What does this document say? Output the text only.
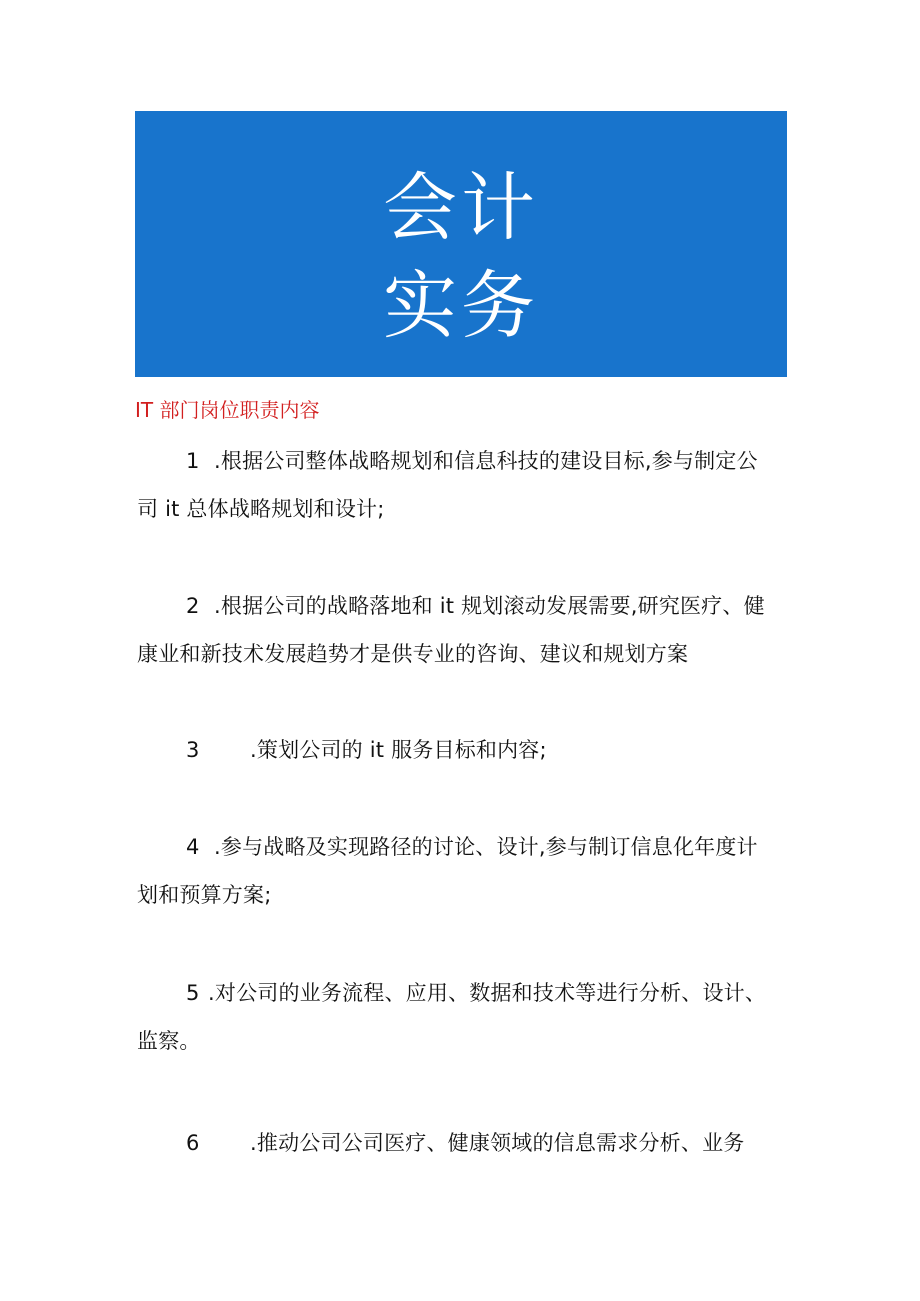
会计
实务
IT 部门岗位职责内容
1 .根据公司整体战略规划和信息科技的建设目标,参与制定公
司 it 总体战略规划和设计;
2 .根据公司的战略落地和 it 规划滚动发展需要,研究医疗、健
康业和新技术发展趋势才是供专业的咨询、建议和规划方案
3 .策划公司的 it 服务目标和内容;
4 .参与战略及实现路径的讨论、设计,参与制订信息化年度计
划和预算方案;
5 .对公司的业务流程、应用、数据和技术等进行分析、设计、
监察。
6 .推动公司公司医疗、健康领域的信息需求分析、业务
